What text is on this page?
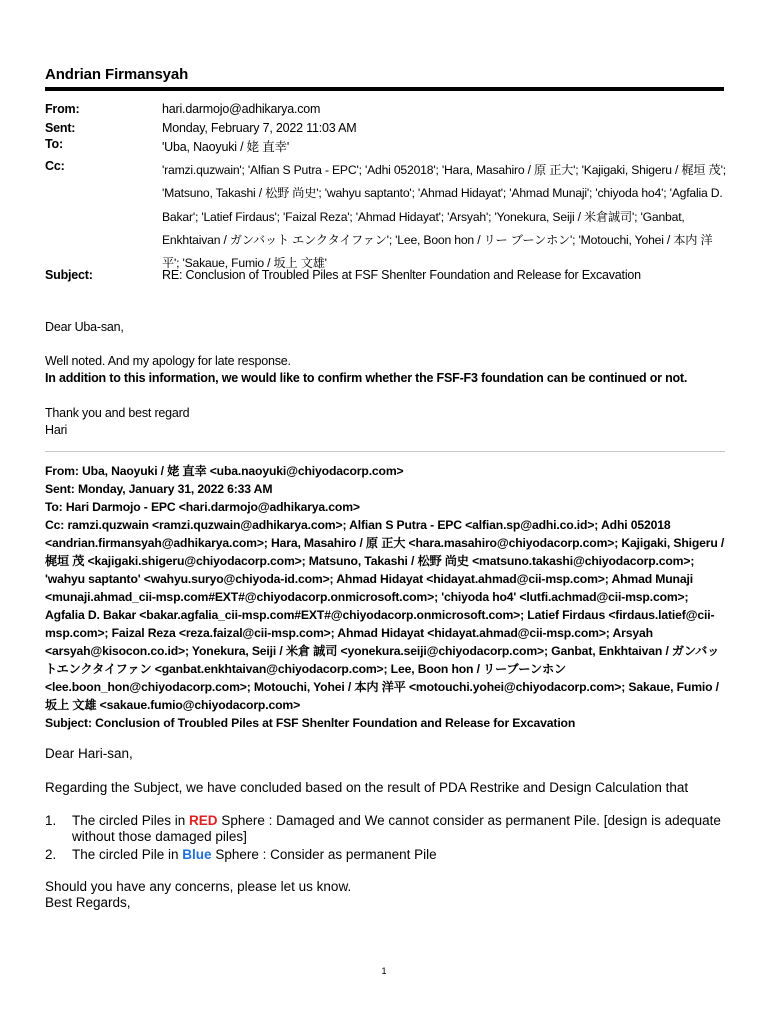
Andrian Firmansyah
From:	hari.darmojo@adhikarya.com
Sent:	Monday, February 7, 2022 11:03 AM
To:	'Uba, Naoyuki / 姥 直幸'
Cc:	'ramzi.quzwain'; 'Alfian S Putra - EPC'; 'Adhi 052018'; 'Hara, Masahiro / 原 正大'; 'Kajigaki, Shigeru / 梶垣 茂'; 'Matsuno, Takashi / 松野 尚史'; 'wahyu saptanto'; 'Ahmad Hidayat'; 'Ahmad Munaji'; 'chiyoda ho4'; 'Agfalia D. Bakar'; 'Latief Firdaus'; 'Faizal Reza'; 'Ahmad Hidayat'; 'Arsyah'; 'Yonekura, Seiji / 米倉誠司'; 'Ganbat, Enkhtaivan / ガンバット エンクタイファン'; 'Lee, Boon hon / リー ブーンホン'; 'Motouchi, Yohei / 本内 洋平'; 'Sakaue, Fumio / 坂上 文雄'
Subject:	RE: Conclusion of Troubled Piles at FSF Shenlter Foundation and Release for Excavation
Dear Uba-san,

Well noted. And my apology for late response.

In addition to this information, we would like to confirm whether the FSF-F3 foundation can be continued or not.

Thank you and best regard

Hari

From: Uba, Naoyuki / 姥 直幸 <uba.naoyuki@chiyodacorp.com>

Sent: Monday, January 31, 2022 6:33 AM

To: Hari Darmojo - EPC <hari.darmojo@adhikarya.com>

Cc: ramzi.quzwain <ramzi.quzwain@adhikarya.com>; Alfian S Putra - EPC <alfian.sp@adhi.co.id>; Adhi 052018 <andrian.firmansyah@adhikarya.com>; Hara, Masahiro / 原 正大 <hara.masahiro@chiyodacorp.com>; Kajigaki, Shigeru / 梶垣 茂 <kajigaki.shigeru@chiyodacorp.com>; Matsuno, Takashi / 松野 尚史 <matsuno.takashi@chiyodacorp.com>; 'wahyu saptanto' <wahyu.suryo@chiyoda-id.com>; Ahmad Hidayat <hidayat.ahmad@cii-msp.com>; Ahmad Munaji <munaji.ahmad_cii-msp.com#EXT#@chiyodacorp.onmicrosoft.com>; 'chiyoda ho4' <lutfi.achmad@cii-msp.com>; Agfalia D. Bakar <bakar.agfalia_cii-msp.com#EXT#@chiyodacorp.onmicrosoft.com>; Latief Firdaus <firdaus.latief@cii-msp.com>; Faizal Reza <reza.faizal@cii-msp.com>; Ahmad Hidayat <hidayat.ahmad@cii-msp.com>; Arsyah <arsyah@kisocon.co.id>; Yonekura, Seiji / 米倉 誠司 <yonekura.seiji@chiyodacorp.com>; Ganbat, Enkhtaivan / ガンバットエンクタイファン <ganbat.enkhtaivan@chiyodacorp.com>; Lee, Boon hon / リーブーンホン <lee.boon_hon@chiyodacorp.com>; Motouchi, Yohei / 本内 洋平 <motouchi.yohei@chiyodacorp.com>; Sakaue, Fumio / 坂上 文雄 <sakaue.fumio@chiyodacorp.com>

Subject: Conclusion of Troubled Piles at FSF Shenlter Foundation and Release for Excavation

Dear Hari-san,
Regarding the Subject, we have concluded based on the result of PDA Restrike and Design Calculation that
1. The circled Piles in RED Sphere : Damaged and We cannot consider as permanent Pile. [design is adequate without those damaged piles]
2. The circled Pile in Blue Sphere : Consider as permanent Pile

Should you have any concerns, please let us know.

Best Regards,

1
